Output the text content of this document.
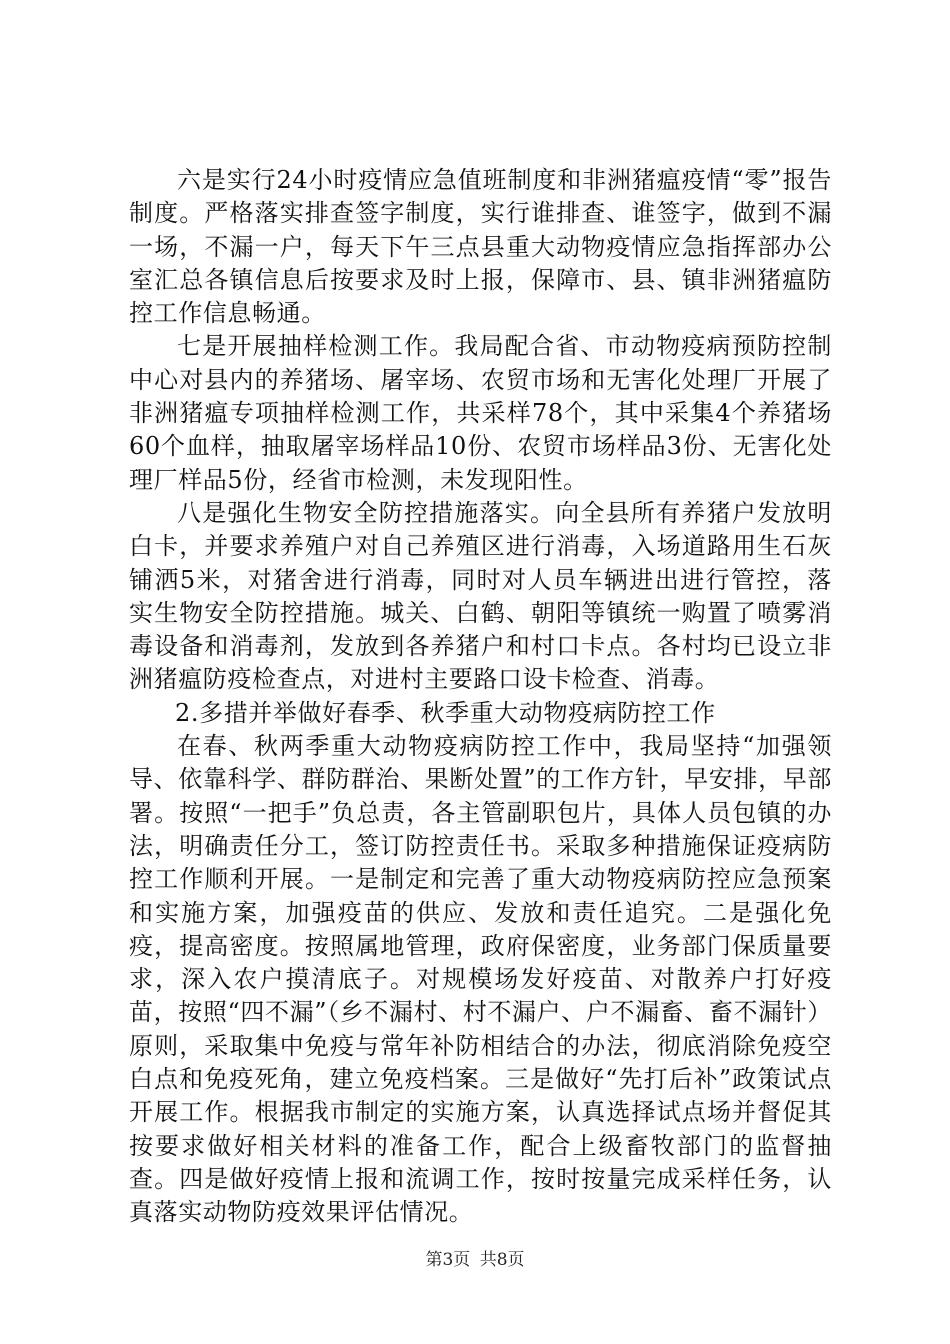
六是实行24小时疫情应急值班制度和非洲猪瘟疫情“零”报告制度。严格落实排查签字制度，实行谁排查、谁签字，做到不漏一场，不漏一户，每天下午三点县重大动物疫情应急指挥部办公室汇总各镇信息后按要求及时上报，保障市、县、镇非洲猪瘟防控工作信息畅通。

七是开展抽样检测工作。我局配合省、市动物疫病预防控制中心对县内的养猪场、屠宰场、农贸市场和无害化处理厂开展了非洲猪瘟专项抽样检测工作，共采样78个，其中采集4个养猪场60个血样，抽取屠宰场样品10份、农贸市场样品3份、无害化处理厂样品5份，经省市检测，未发现阳性。

八是强化生物安全防控措施落实。向全县所有养猪户发放明白卡，并要求养殖户对自己养殖区进行消毒，入场道路用生石灰铺洒5米，对猪舍进行消毒，同时对人员车辆进出进行管控，落实生物安全防控措施。城关、白鹤、朝阳等镇统一购置了喷雾消毒设备和消毒剂，发放到各养猪户和村口卡点。各村均已设立非洲猪瘟防疫检查点，对进村主要路口设卡检查、消毒。

2.多措并举做好春季、秋季重大动物疫病防控工作

在春、秋两季重大动物疫病防控工作中，我局坚持“加强领导、依靠科学、群防群治、果断处置”的工作方针，早安排，早部署。按照“一把手”负总责，各主管副职包片，具体人员包镇的办法，明确责任分工，签订防控责任书。采取多种措施保证疫病防控工作顺利开展。一是制定和完善了重大动物疫病防控应急预案和实施方案，加强疫苗的供应、发放和责任追究。二是强化免疫，提高密度。按照属地管理，政府保密度，业务部门保质量要求，深入农户摸清底子。对规模场发好疫苗、对散养户打好疫苗，按照“四不漏”（乡不漏村、村不漏户、户不漏畜、畜不漏针）原则，采取集中免疫与常年补防相结合的办法，彻底消除免疫空白点和免疫死角，建立免疫档案。三是做好“先打后补”政策试点开展工作。根据我市制定的实施方案，认真选择试点场并督促其按要求做好相关材料的准备工作，配合上级畜牧部门的监督抽查。四是做好疫情上报和流调工作，按时按量完成采样任务，认真落实动物防疫效果评估情况。

第3页 共8页
